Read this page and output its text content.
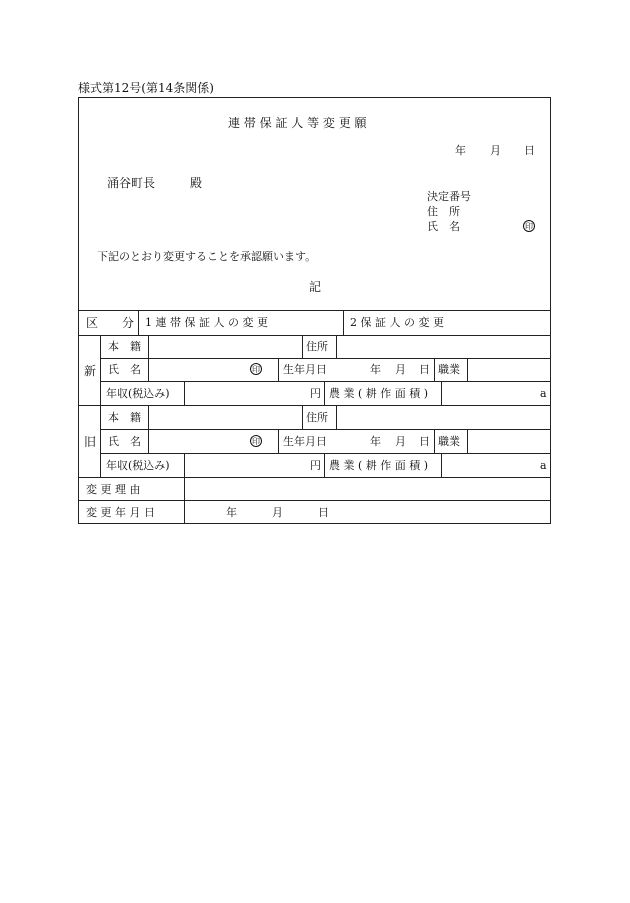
様式第12号(第14条関係)
連 帯 保 証 人 等 変 更 願
年 月 日
涌谷町長	殿
決定番号
住　所
氏　名	印
下記のとおり変更することを承認願います。
記
区　　分 1 連 帯 保 証 人 の 変 更	2 保 証 人 の 変 更
新
本　籍	住所
氏　名	印 生年月日	年 月 日 職業
年収(税込み)	円 農 業 ( 耕 作 面 積 )	a
旧
本　籍	住所
氏　名	印 生年月日	年 月 日 職業
年収(税込み)	円 農 業 ( 耕 作 面 積 )	a
変 更 理 由
変 更 年 月 日	年	月	日
